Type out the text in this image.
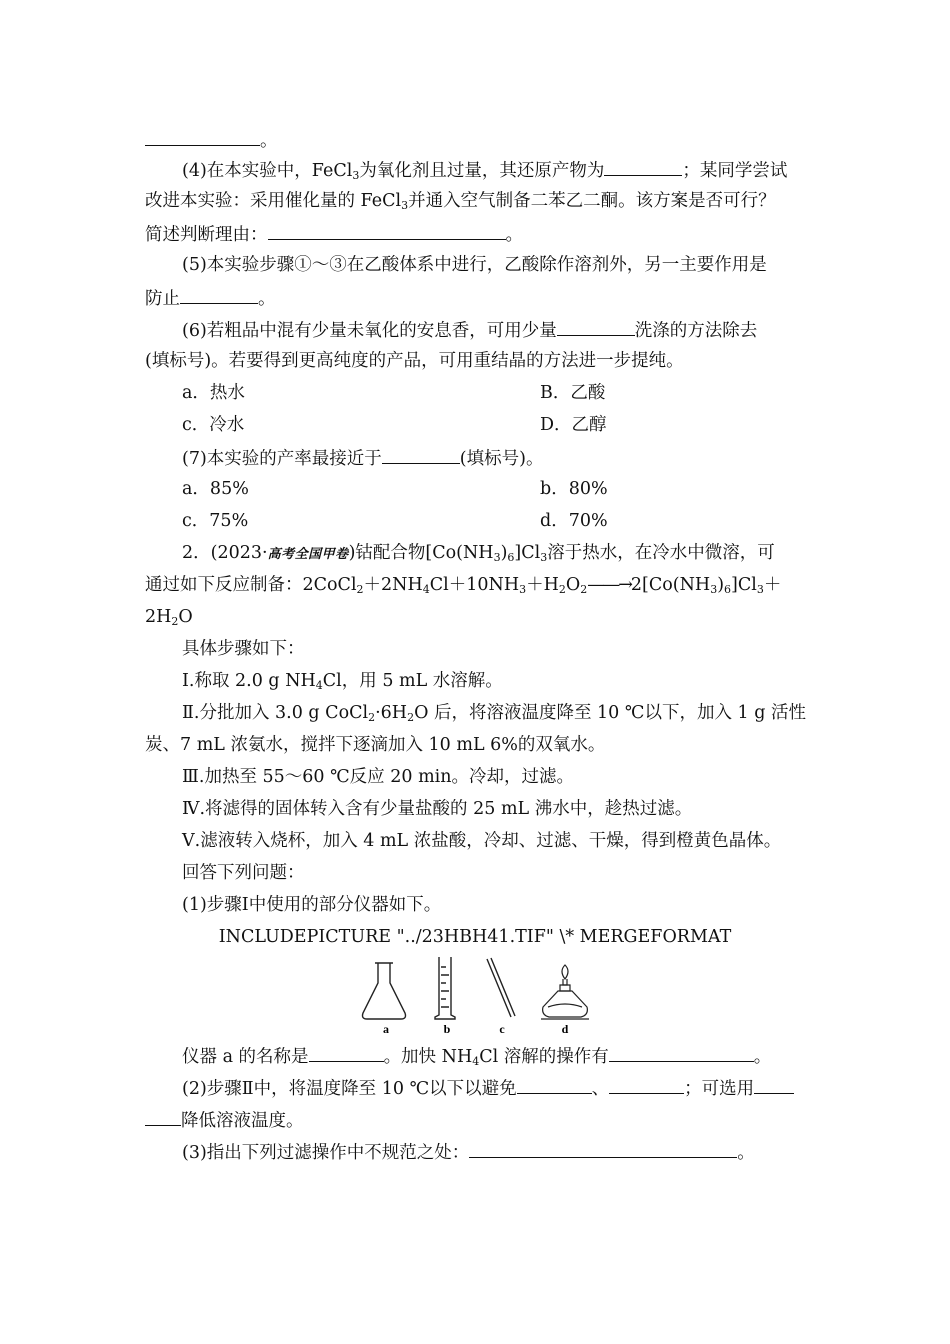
。
(4)在本实验中，FeCl$_3$为氧化剂且过量，其还原产物为	；某同学尝试
改进本实验：采用催化量的 FeCl$_3$并通入空气制备二苯乙二酮。该方案是否可行？
简述判断理由：	。
(5)本实验步骤①～③在乙酸体系中进行，乙酸除作溶剂外，另一主要作用是
防止	。
(6)若粗品中混有少量未氧化的安息香，可用少量	洗涤的方法除去
(填标号)。若要得到更高纯度的产品，可用重结晶的方法进一步提纯。
a．热水	B．乙酸
c．冷水	D．乙醇
(7)本实验的产率最接近于	(填标号)。
a．85%	b．80%
c．75%	d．70%
2．(2023·高考全国甲卷)钴配合物$[Co(NH_3)_6]Cl_3$溶于热水，在冷水中微溶，可
通过如下反应制备：$2CoCl_2+2NH_4Cl+10NH_3+H_2O_2——\to 2[Co(NH_3)_6]Cl_3+$
$2H_2O$
具体步骤如下：
Ⅰ.称取 2.0 g $NH_4Cl$，用 5 mL 水溶解。
Ⅱ.分批加入 3.0 g $CoCl_2\cdot 6H_2O$ 后，将溶液温度降至 10 ℃以下，加入 1 g 活性
炭、7 mL 浓氨水，搅拌下逐滴加入 10 mL 6%的双氧水。
Ⅲ.加热至 55～60 ℃反应 20 min。冷却，过滤。
Ⅳ.将滤得的固体转入含有少量盐酸的 25 mL 沸水中，趁热过滤。
Ⅴ.滤液转入烧杯，加入 4 mL 浓盐酸，冷却、过滤、干燥，得到橙黄色晶体。
回答下列问题：
(1)步骤Ⅰ中使用的部分仪器如下。
INCLUDEPICTURE "../23HBH41.TIF" \* MERGEFORMAT
a	b	c	d
仪器 a 的名称是	。加快 $NH_4Cl$ 溶解的操作有	。
(2)步骤Ⅱ中，将温度降至 10 ℃以下以避免	、	；可选用
降低溶液温度。
(3)指出下列过滤操作中不规范之处：	。
